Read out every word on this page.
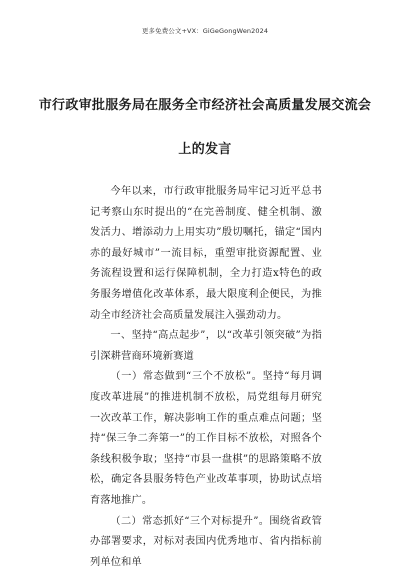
更多免费公文+VX：GiGeGongWen2024
市行政审批服务局在服务全市经济社会高质量发展交流会
上的发言

今年以来，市行政审批服务局牢记习近平总书记考察山东时提出的“在完善制度、健全机制、激发活力、增添动力上用实功”殷切嘱托，锚定“国内赤的最好城市”一流目标，重塑审批资源配置、业务流程设置和运行保障机制，全力打造x特色的政务服务增值化改革体系，最大限度利企便民，为推动全市经济社会高质量发展注入强劲动力。

一、坚持“高点起步”，以“改革引领突破”为指引深耕营商环境新赛道

（一）常态做到“三个不放松”。坚持“每月调度改革进展”的推进机制不放松，局党组每月研究一次改革工作，解决影响工作的重点难点问题；坚持“保三争二奔第一”的工作目标不放松，对照各个条线积极争取；坚持“市县一盘棋”的思路策略不放松，确定各县服务特色产业改革事项，协助试点培育落地推广。

（二）常态抓好“三个对标提升”。围绕省政管办部署要求，对标对表国内优秀地市、省内指标前列单位和单
